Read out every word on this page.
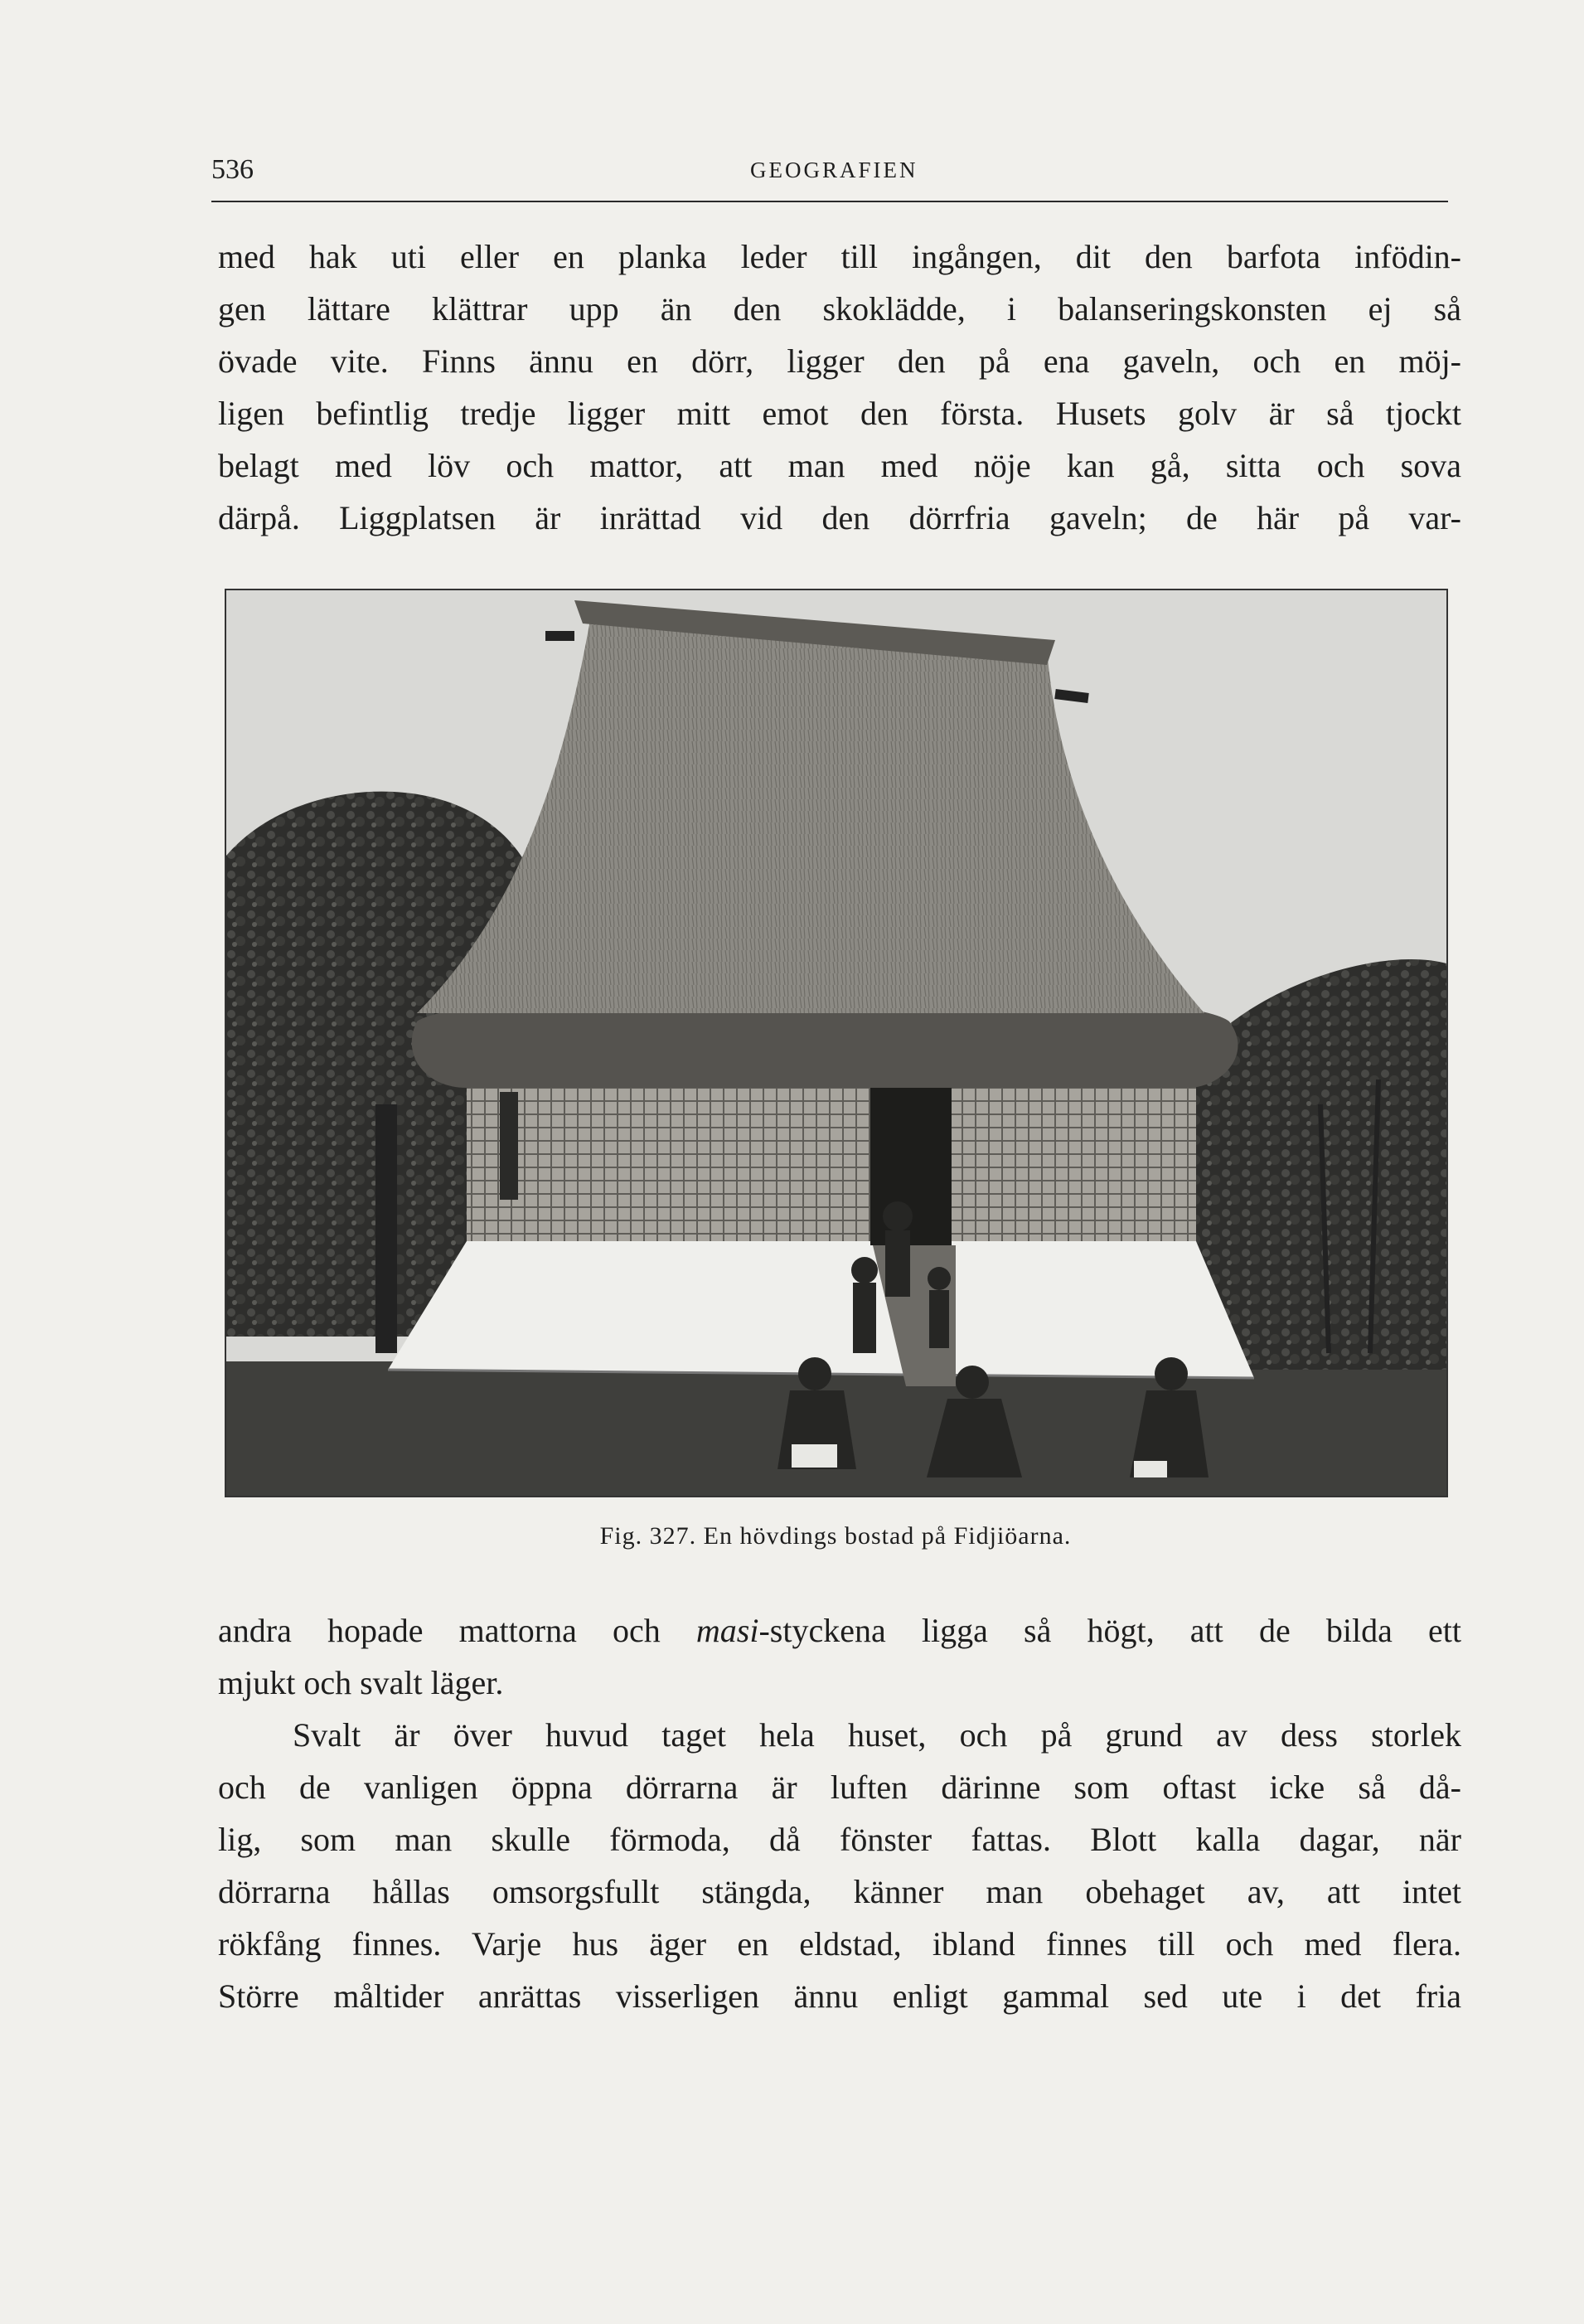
536	GEOGRAFIEN
med hak uti eller en planka leder till ingången, dit den barfota infödin-
gen lättare klättrar upp än den skoklädde, i balanseringskonsten ej så
övade vite. Finns ännu en dörr, ligger den på ena gaveln, och en möj-
ligen befintlig tredje ligger mitt emot den första. Husets golv är så tjockt
belagt med löv och mattor, att man med nöje kan gå, sitta och sova
därpå. Liggplatsen är inrättad vid den dörrfria gaveln; de här på var-
Fig. 327. En hövdings bostad på Fidjiöarna.
andra hopade mattorna och masi-styckena ligga så högt, att de bilda ett
mjukt och svalt läger.
Svalt är över huvud taget hela huset, och på grund av dess storlek
och de vanligen öppna dörrarna är luften därinne som oftast icke så då-
lig, som man skulle förmoda, då fönster fattas. Blott kalla dagar, när
dörrarna hållas omsorgsfullt stängda, känner man obehaget av, att intet
rökfång finnes. Varje hus äger en eldstad, ibland finnes till och med flera.
Större måltider anrättas visserligen ännu enligt gammal sed ute i det fria
